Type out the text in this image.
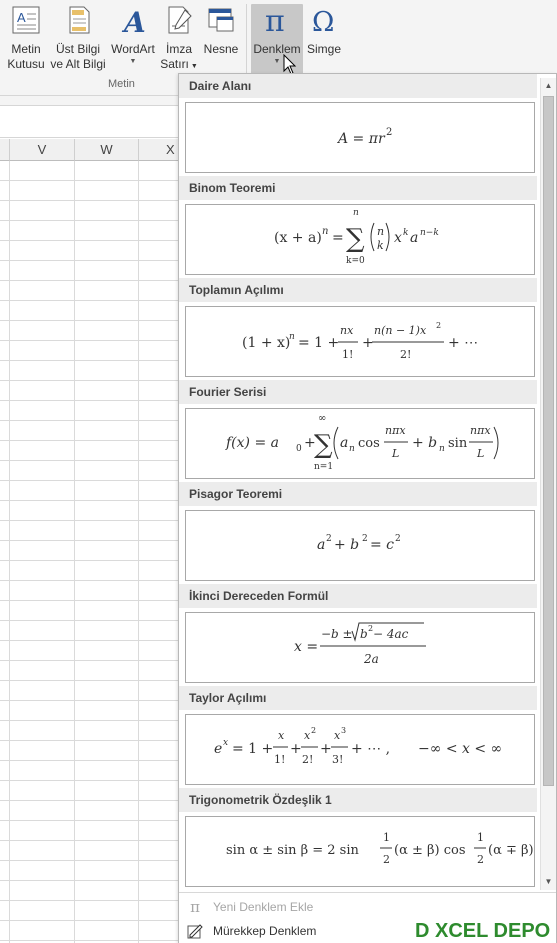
A
Metin
Kutusu
Üst Bilgi
ve Alt Bilgi
A
WordArt
▼
İmza
Satırı ▼
Nesne
Metin
π
Denklem
▼
Ω
Simge
V	W	X
Daire Alanı
A = πr 2
Binom Teoremi
(x + a) n = ∑
n
k=0
n
k x k a n−k
Toplamın Açılımı
(1 + x)
n = 1 +
nx
1!
+
n(n − 1)x 2
2!
+ ⋯
Fourier Serisi
f(x) = a 0 +
∑
∞
n=1
a n cos
nπx
L
+ b n sin
nπx
L
Pisagor Teoremi
a 2 + b 2 = c 2
İkinci Dereceden Formül
x =
−b ± b 2 − 4ac
2a
Taylor Açılımı
e x = 1 +
x
1!
+
x 2
2!
+
x 3
3!
+ ⋯ , −∞ < x < ∞
Trigonometrik Özdeşlik 1
sin α ± sin β = 2 sin
1
2
(α ± β) cos
1
2
(α ∓ β)
▲
▼
π Yeni Denklem Ekle
Mürekkep Denklem	D XCEL DEPO
